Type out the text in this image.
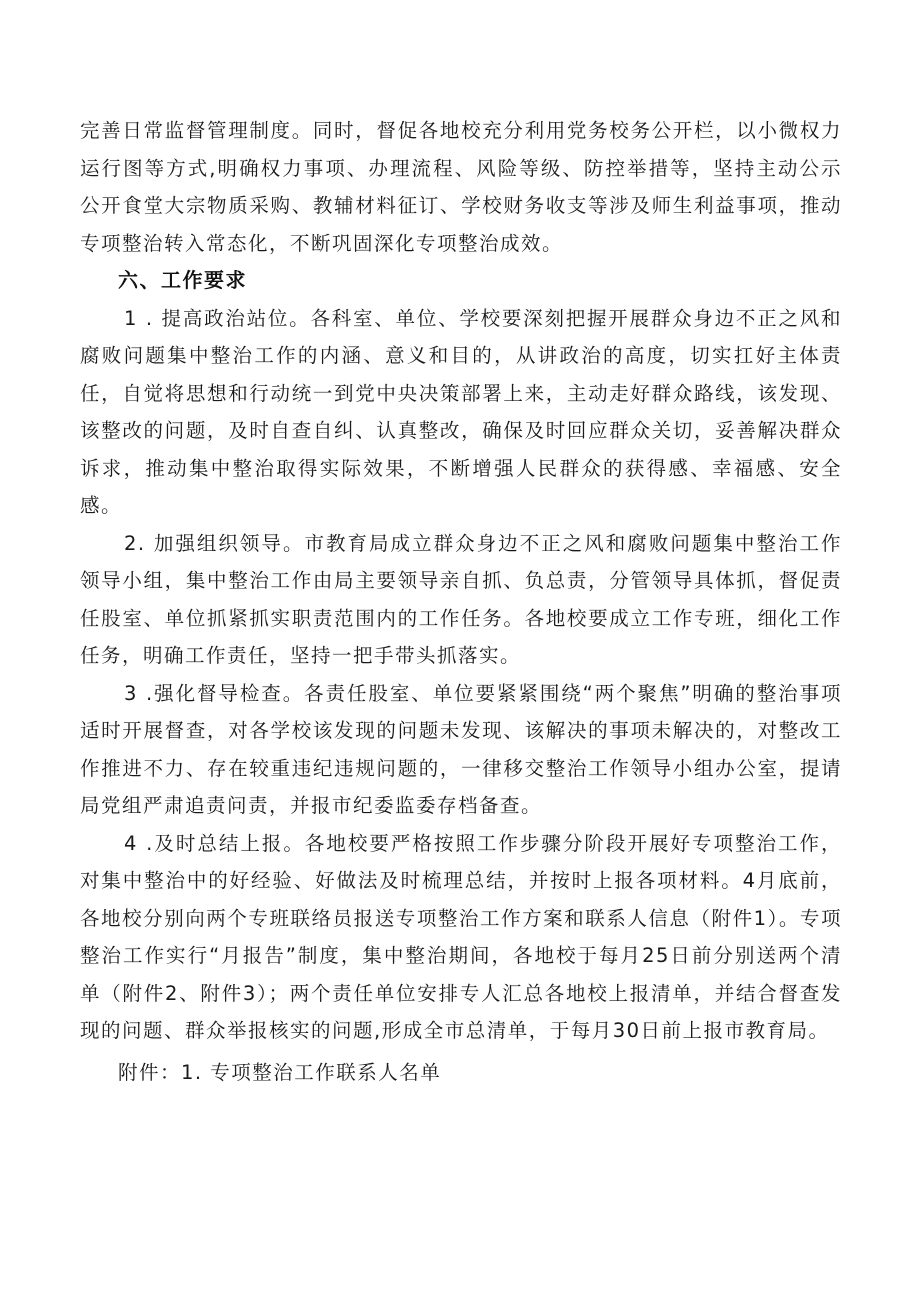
完善日常监督管理制度。同时，督促各地校充分利用党务校务公开栏，以小微权力运行图等方式,明确权力事项、办理流程、风险等级、防控举措等，坚持主动公示公开食堂大宗物质采购、教辅材料征订、学校财务收支等涉及师生利益事项，推动专项整治转入常态化，不断巩固深化专项整治成效。

六、工作要求

1 . 提高政治站位。各科室、单位、学校要深刻把握开展群众身边不正之风和腐败问题集中整治工作的内涵、意义和目的，从讲政治的高度，切实扛好主体责任，自觉将思想和行动统一到党中央决策部署上来，主动走好群众路线，该发现、该整改的问题，及时自查自纠、认真整改，确保及时回应群众关切，妥善解决群众诉求，推动集中整治取得实际效果，不断增强人民群众的获得感、幸福感、安全感。

2. 加强组织领导。市教育局成立群众身边不正之风和腐败问题集中整治工作领导小组，集中整治工作由局主要领导亲自抓、负总责，分管领导具体抓，督促责任股室、单位抓紧抓实职责范围内的工作任务。各地校要成立工作专班，细化工作任务，明确工作责任，坚持一把手带头抓落实。

3 .强化督导检查。各责任股室、单位要紧紧围绕“两个聚焦”明确的整治事项适时开展督查，对各学校该发现的问题未发现、该解决的事项未解决的，对整改工作推进不力、存在较重违纪违规问题的，一律移交整治工作领导小组办公室，提请局党组严肃追责问责，并报市纪委监委存档备查。

4 .及时总结上报。各地校要严格按照工作步骤分阶段开展好专项整治工作，对集中整治中的好经验、好做法及时梳理总结，并按时上报各项材料。4月底前，各地校分别向两个专班联络员报送专项整治工作方案和联系人信息（附件1）。专项整治工作实行“月报告”制度，集中整治期间，各地校于每月25日前分别送两个清单（附件2、附件3）；两个责任单位安排专人汇总各地校上报清单，并结合督查发现的问题、群众举报核实的问题,形成全市总清单，于每月30日前上报市教育局。

附件：1. 专项整治工作联系人名单
